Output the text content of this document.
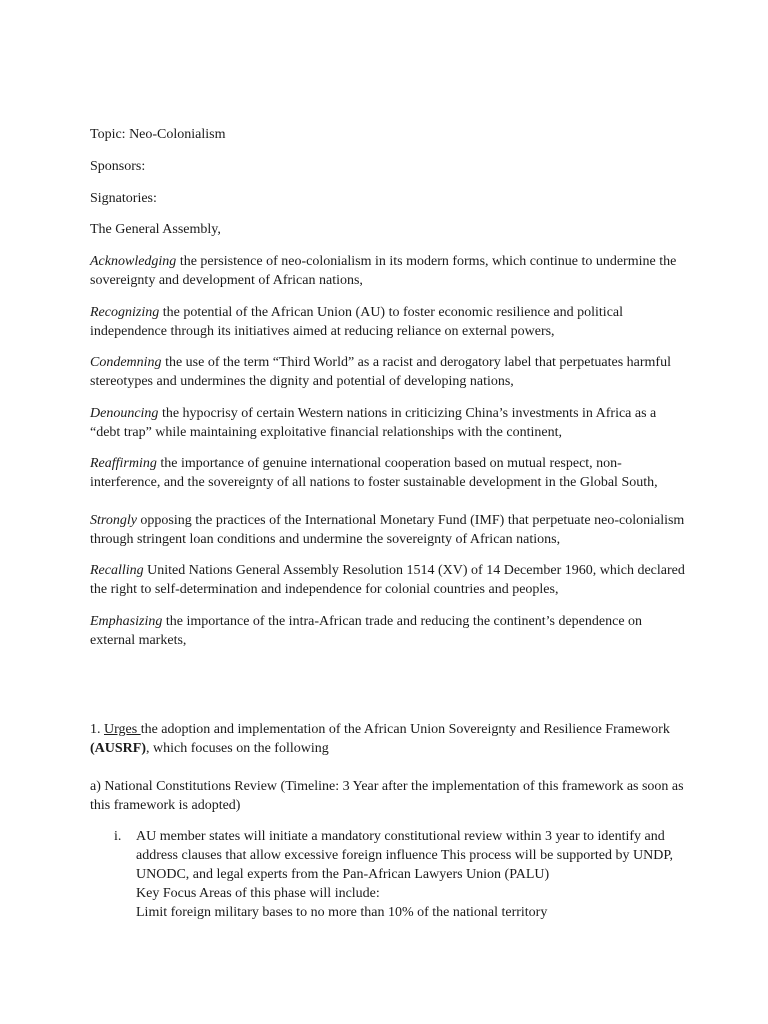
Topic: Neo-Colonialism

Sponsors:

Signatories:

The General Assembly,

Acknowledging the persistence of neo-colonialism in its modern forms, which continue to undermine the sovereignty and development of African nations,

Recognizing the potential of the African Union (AU) to foster economic resilience and political independence through its initiatives aimed at reducing reliance on external powers,

Condemning the use of the term “Third World” as a racist and derogatory label that perpetuates harmful stereotypes and undermines the dignity and potential of developing nations,

Denouncing the hypocrisy of certain Western nations in criticizing China’s investments in Africa as a “debt trap” while maintaining exploitative financial relationships with the continent,

Reaffirming the importance of genuine international cooperation based on mutual respect, non-interference, and the sovereignty of all nations to foster sustainable development in the Global South,

Strongly opposing the practices of the International Monetary Fund (IMF) that perpetuate neo-colonialism through stringent loan conditions and undermine the sovereignty of African nations,

Recalling United Nations General Assembly Resolution 1514 (XV) of 14 December 1960, which declared the right to self-determination and independence for colonial countries and peoples,

Emphasizing the importance of the intra-African trade and reducing the continent’s dependence on external markets,

1. Urges the adoption and implementation of the African Union Sovereignty and Resilience Framework (AUSRF), which focuses on the following

a) National Constitutions Review (Timeline: 3 Year after the implementation of this framework as soon as this framework is adopted)

i.	AU member states will initiate a mandatory constitutional review within 3 year to identify and
address clauses that allow excessive foreign influence This process will be supported by UNDP,
UNODC, and legal experts from the Pan-African Lawyers Union (PALU)
Key Focus Areas of this phase will include:
Limit foreign military bases to no more than 10% of the national territory
